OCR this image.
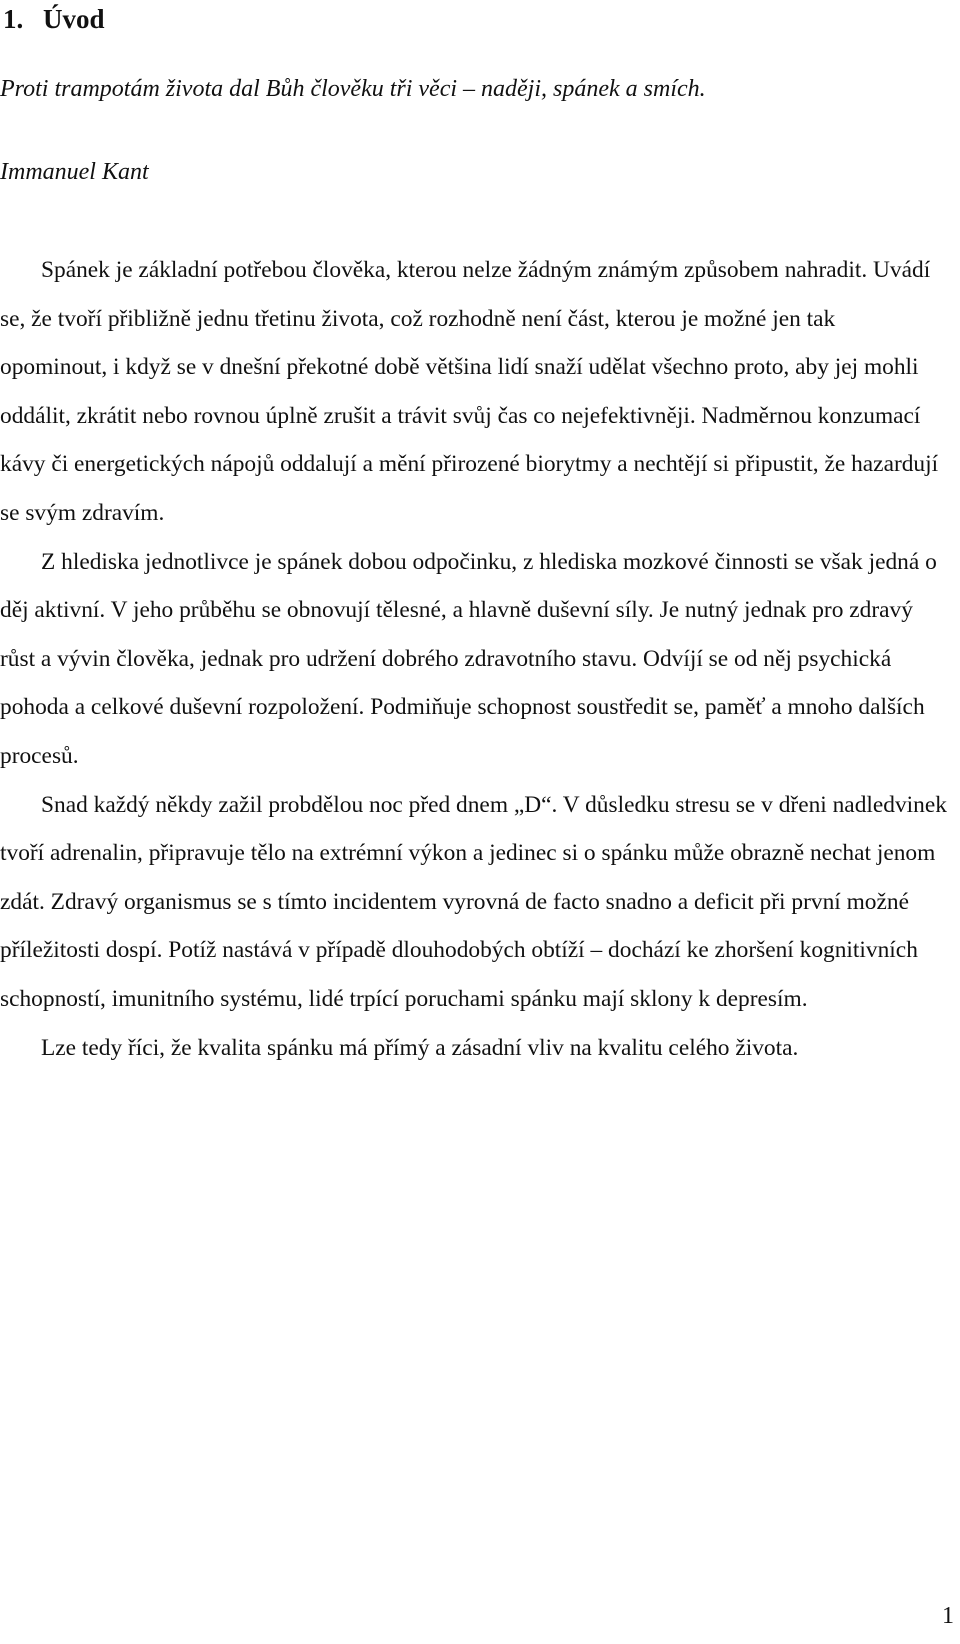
1. Úvod

Proti trampotám života dal Bůh člověku tři věci – naději, spánek a smích.

Immanuel Kant

Spánek je základní potřebou člověka, kterou nelze žádným známým způsobem nahradit. Uvádí se, že tvoří přibližně jednu třetinu života, což rozhodně není část, kterou je možné jen tak opominout, i když se v dnešní překotné době většina lidí snaží udělat všechno proto, aby jej mohli oddálit, zkrátit nebo rovnou úplně zrušit a trávit svůj čas co nejefektivněji. Nadměrnou konzumací kávy či energetických nápojů oddalují a mění přirozené biorytmy a nechtějí si připustit, že hazardují se svým zdravím.

Z hlediska jednotlivce je spánek dobou odpočinku, z hlediska mozkové činnosti se však jedná o děj aktivní. V jeho průběhu se obnovují tělesné, a hlavně duševní síly. Je nutný jednak pro zdravý růst a vývin člověka, jednak pro udržení dobrého zdravotního stavu. Odvíjí se od něj psychická pohoda a celkové duševní rozpoložení. Podmiňuje schopnost soustředit se, paměť a mnoho dalších procesů.

Snad každý někdy zažil probdělou noc před dnem „D“. V důsledku stresu se v dřeni nadledvinek tvoří adrenalin, připravuje tělo na extrémní výkon a jedinec si o spánku může obrazně nechat jenom zdát. Zdravý organismus se s tímto incidentem vyrovná de facto snadno a deficit při první možné příležitosti dospí. Potíž nastává v případě dlouhodobých obtíží – dochází ke zhoršení kognitivních schopností, imunitního systému, lidé trpící poruchami spánku mají sklony k depresím.

Lze tedy říci, že kvalita spánku má přímý a zásadní vliv na kvalitu celého života.

1
